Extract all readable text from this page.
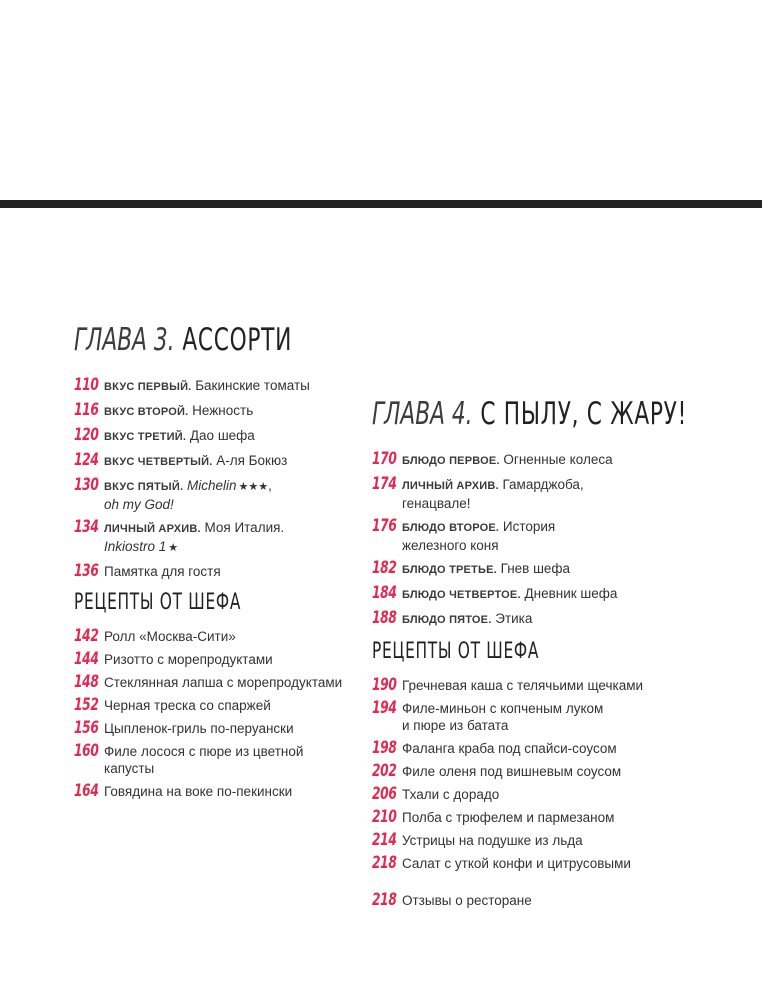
ГЛАВА 3. АССОРТИ
110 ВКУС ПЕРВЫЙ. Бакинские томаты
116 ВКУС ВТОРОЙ. Нежность
120 ВКУС ТРЕТИЙ. Дао шефа
124 ВКУС ЧЕТВЕРТЫЙ. А-ля Бокюз
130 ВКУС ПЯТЫЙ. Michelin ★★★,
oh my God!
134 ЛИЧНЫЙ АРХИВ. Моя Италия.
Inkiostro 1 ★
136 Памятка для гостя
РЕЦЕПТЫ ОТ ШЕФА
142 Ролл «Москва-Сити»
144 Ризотто с морепродуктами
148 Стеклянная лапша с морепродуктами
152 Черная треска со спаржей
156 Цыпленок-гриль по-перуански
160 Филе лосося с пюре из цветной
капусты
164 Говядина на воке по-пекински
ГЛАВА 4. С ПЫЛУ, С ЖАРУ!
170 БЛЮДО ПЕРВОЕ. Огненные колеса
174 ЛИЧНЫЙ АРХИВ. Гамарджоба,
генацвале!
176 БЛЮДО ВТОРОЕ. История
железного коня
182 БЛЮДО ТРЕТЬЕ. Гнев шефа
184 БЛЮДО ЧЕТВЕРТОЕ. Дневник шефа
188 БЛЮДО ПЯТОЕ. Этика
РЕЦЕПТЫ ОТ ШЕФА
190 Гречневая каша с телячьими щечками
194 Филе-миньон с копченым луком
и пюре из батата
198 Фаланга краба под спайси-соусом
202 Филе оленя под вишневым соусом
206 Тхали с дорадо
210 Полба с трюфелем и пармезаном
214 Устрицы на подушке из льда
218 Салат с уткой конфи и цитрусовыми
218 Отзывы о ресторане
